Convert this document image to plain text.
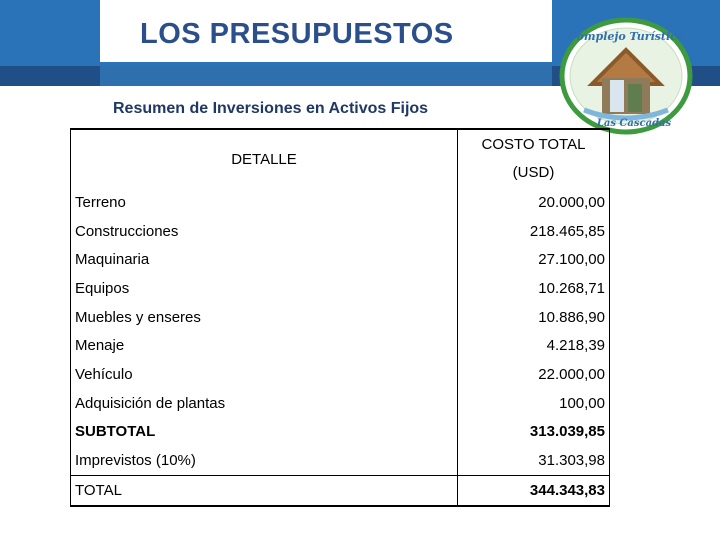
LOS PRESUPUESTOS
Resumen de Inversiones en Activos Fijos
Complejo Turístico
Las Cascadas
DETALLE	COSTO TOTAL
(USD)

Terreno	20.000,00
Construcciones	218.465,85
Maquinaria	27.100,00
Equipos	10.268,71
Muebles y enseres	10.886,90
Menaje	4.218,39
Vehículo	22.000,00
Adquisición de plantas	100,00
SUBTOTAL	313.039,85
Imprevistos (10%)	31.303,98
TOTAL	344.343,83
